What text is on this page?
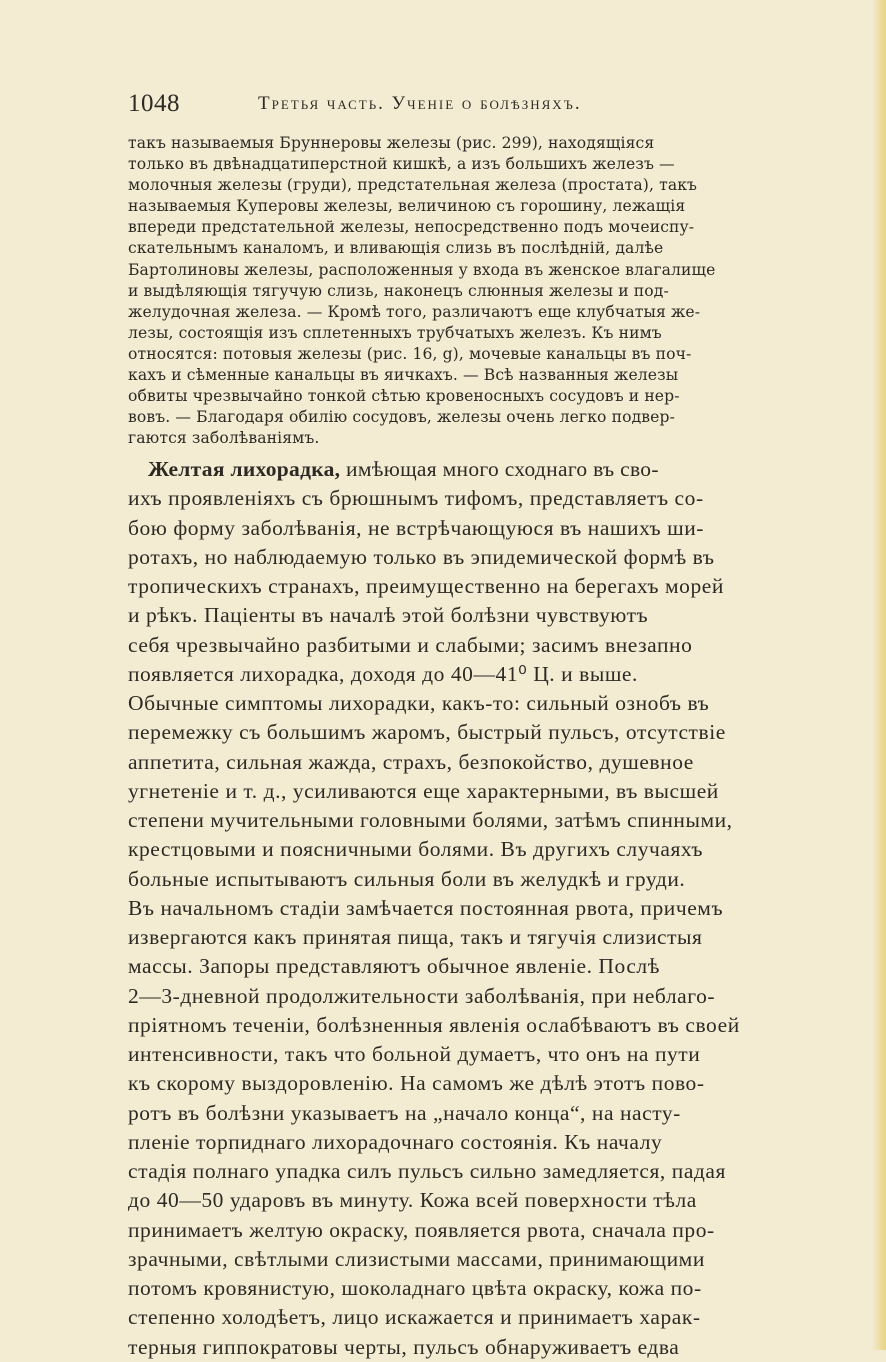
1048	Третья часть. Ученіе о болѣзняхъ.
такъ называемыя Бруннеровы железы (рис. 299), находящіяся
только въ двѣнадцатиперстной кишкѣ, а изъ большихъ железъ —
молочныя железы (груди), предстательная железа (простата), такъ
называемыя Куперовы железы, величиною съ горошину, лежащія
впереди предстательной железы, непосредственно подъ мочеиспу-
скательнымъ каналомъ, и вливающія слизь въ послѣдній, далѣе
Бартолиновы железы, расположенныя у входа въ женское влагалище
и выдѣляющія тягучую слизь, наконецъ слюнныя железы и под-
желудочная железа. — Кромѣ того, различаютъ еще клубчатыя же-
лезы, состоящія изъ сплетенныхъ трубчатыхъ железъ. Къ нимъ
относятся: потовыя железы (рис. 16, g), мочевые канальцы въ поч-
кахъ и сѣменные канальцы въ яичкахъ. — Всѣ названныя железы
обвиты чрезвычайно тонкой сѣтью кровеносныхъ сосудовъ и нер-
вовъ. — Благодаря обилію сосудовъ, железы очень легко подвер-
гаются заболѣваніямъ.
Желтая лихорадка, имѣющая много сходнаго въ сво-
ихъ проявленіяхъ съ брюшнымъ тифомъ, представляетъ со-
бою форму заболѣванія, не встрѣчающуюся въ нашихъ ши-
ротахъ, но наблюдаемую только въ эпидемической формѣ въ
тропическихъ странахъ, преимущественно на берегахъ морей
и рѣкъ. Паціенты въ началѣ этой болѣзни чувствуютъ
себя чрезвычайно разбитыми и слабыми; засимъ внезапно
появляется лихорадка, доходя до 40—41⁰ Ц. и выше.
Обычные симптомы лихорадки, какъ-то: сильный ознобъ въ
перемежку съ большимъ жаромъ, быстрый пульсъ, отсутствіе
аппетита, сильная жажда, страхъ, безпокойство, душевное
угнетеніе и т. д., усиливаются еще характерными, въ высшей
степени мучительными головными болями, затѣмъ спинными,
крестцовыми и поясничными болями. Въ другихъ случаяхъ
больные испытываютъ сильныя боли въ желудкѣ и груди.
Въ начальномъ стадіи замѣчается постоянная рвота, причемъ
извергаются какъ принятая пища, такъ и тягучія слизистыя
массы. Запоры представляютъ обычное явленіе. Послѣ
2—3-дневной продолжительности заболѣванія, при неблаго-
пріятномъ теченіи, болѣзненныя явленія ослабѣваютъ въ своей
интенсивности, такъ что больной думаетъ, что онъ на пути
къ скорому выздоровленію. На самомъ же дѣлѣ этотъ пово-
ротъ въ болѣзни указываетъ на „начало конца“, на насту-
пленіе торпиднаго лихорадочнаго состоянія. Къ началу
стадія полнаго упадка силъ пульсъ сильно замедляется, падая
до 40—50 ударовъ въ минуту. Кожа всей поверхности тѣла
принимаетъ желтую окраску, появляется рвота, сначала про-
зрачными, свѣтлыми слизистыми массами, принимающими
потомъ кровянистую, шоколаднаго цвѣта окраску, кожа по-
степенно холодѣетъ, лицо искажается и принимаетъ харак-
терныя гиппократовы черты, пульсъ обнаруживаетъ едва
